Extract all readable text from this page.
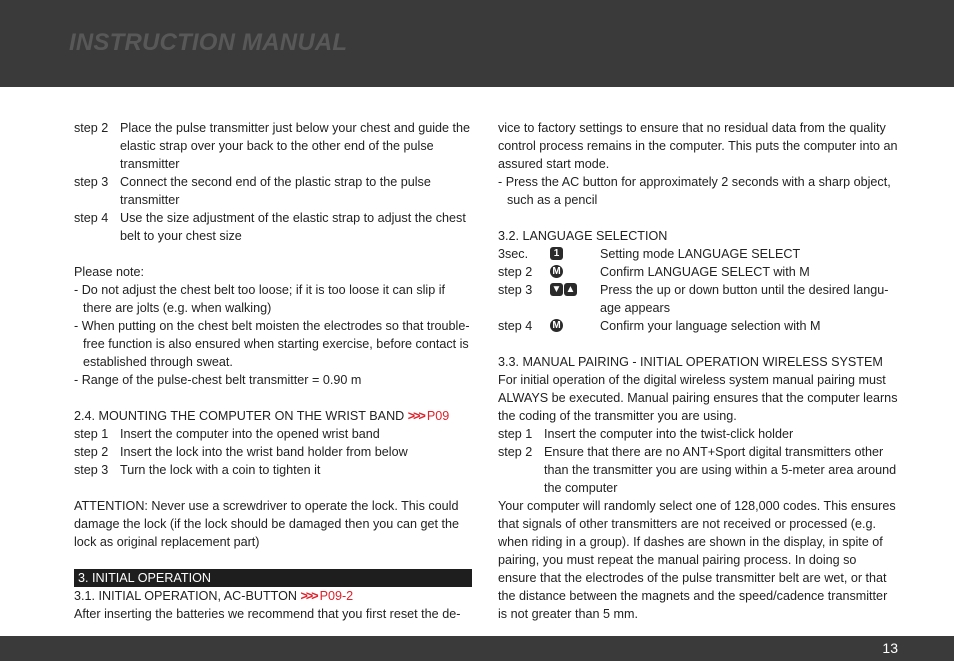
INSTRUCTION MANUAL
step 2 Place the pulse transmitter just below your chest and guide the elastic strap over your back to the other end of the pulse transmitter
step 3 Connect the second end of the plastic strap to the pulse transmitter
step 4 Use the size adjustment of the elastic strap to adjust the chest belt to your chest size

Please note:

- Do not adjust the chest belt too loose; if it is too loose it can slip if there are jolts (e.g. when walking)

- When putting on the chest belt moisten the electrodes so that trouble-free function is also ensured when starting exercise, before contact is established through sweat.

- Range of the pulse-chest belt transmitter = 0.90 m

2.4. MOUNTING THE COMPUTER ON THE WRIST BAND >>> P09

step 1 Insert the computer into the opened wrist band
step 2 Insert the lock into the wrist band holder from below
step 3 Turn the lock with a coin to tighten it

ATTENTION: Never use a screwdriver to operate the lock. This could damage the lock (if the lock should be damaged then you can get the lock as original replacement part)

3. INITIAL OPERATION

3.1. INITIAL OPERATION, AC-BUTTON >>> P09-2

After inserting the batteries we recommend that you first reset the de-

vice to factory settings to ensure that no residual data from the quality control process remains in the computer. This puts the computer into an assured start mode.

- Press the AC button for approximately 2 seconds with a sharp object, such as a pencil

3.2. LANGUAGE SELECTION

3sec.	1	Setting mode LANGUAGE SELECT
step 2	M	Confirm LANGUAGE SELECT with M
step 3	▼ ▲ Press the up or down button until the desired langu-age appears
step 4	M	Confirm your language selection with M

3.3. MANUAL PAIRING - INITIAL OPERATION WIRELESS SYSTEM

For initial operation of the digital wireless system manual pairing must ALWAYS be executed. Manual pairing ensures that the computer learns the coding of the transmitter you are using.

step 1 Insert the computer into the twist-click holder
step 2 Ensure that there are no ANT+Sport digital transmitters other than the transmitter you are using within a 5-meter area around the computer

Your computer will randomly select one of 128,000 codes. This ensures that signals of other transmitters are not received or processed (e.g. when riding in a group). If dashes are shown in the display, in spite of pairing, you must repeat the manual pairing process. In doing so ensure that the electrodes of the pulse transmitter belt are wet, or that the distance between the magnets and the speed/cadence transmitter is not greater than 5 mm.

13
